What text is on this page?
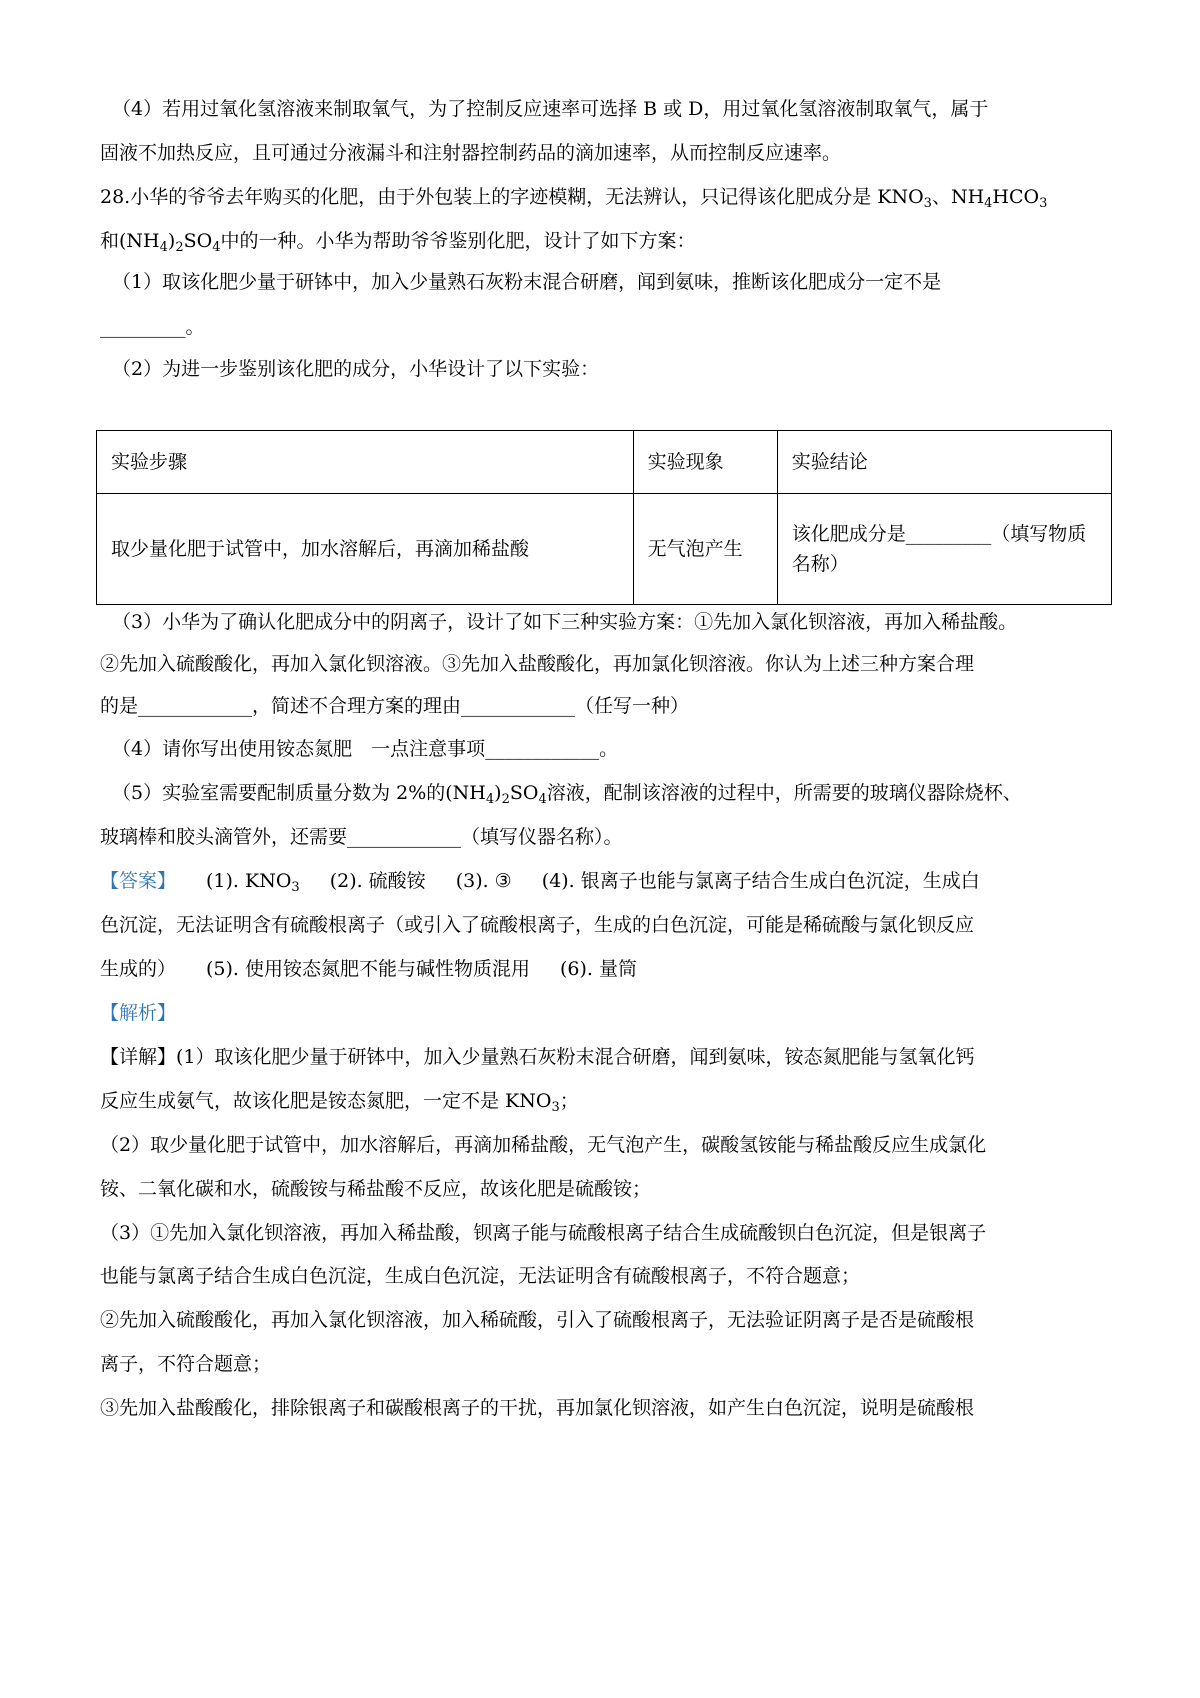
（4）若用过氧化氢溶液来制取氧气，为了控制反应速率可选择 B 或 D，用过氧化氢溶液制取氧气，属于
固液不加热反应，且可通过分液漏斗和注射器控制药品的滴加速率，从而控制反应速率。
28.小华的爷爷去年购买的化肥，由于外包装上的字迹模糊，无法辨认，只记得该化肥成分是 $KNO_3$、$NH_4HCO_3$
和$(NH_4)_2SO_4$中的一种。小华为帮助爷爷鉴别化肥，设计了如下方案：
（1）取该化肥少量于研钵中，加入少量熟石灰粉末混合研磨，闻到氨味，推断该化肥成分一定不是
_________。
（2）为进一步鉴别该化肥的成分，小华设计了以下实验：
实验步骤	实验现象	实验结论
取少量化肥于试管中，加水溶解后，再滴加稀盐酸	无气泡产生	该化肥成分是_________（填写物质名称）
（3）小华为了确认化肥成分中的阴离子，设计了如下三种实验方案：①先加入氯化钡溶液，再加入稀盐酸。
②先加入硫酸酸化，再加入氯化钡溶液。③先加入盐酸酸化，再加氯化钡溶液。你认为上述三种方案合理
的是____________，简述不合理方案的理由____________（任写一种）
（4）请你写出使用铵态氮肥　一点注意事项____________。
（5）实验室需要配制质量分数为 2%的$(NH_4)_2SO_4$溶液，配制该溶液的过程中，所需要的玻璃仪器除烧杯、
玻璃棒和胶头滴管外，还需要____________（填写仪器名称）。
【答案】 (1). $KNO_3$ (2). 硫酸铵 (3). ③ (4). 银离子也能与氯离子结合生成白色沉淀，生成白
色沉淀，无法证明含有硫酸根离子（或引入了硫酸根离子，生成的白色沉淀，可能是稀硫酸与氯化钡反应
生成的） (5). 使用铵态氮肥不能与碱性物质混用 (6). 量筒
【解析】
【详解】(1）取该化肥少量于研钵中，加入少量熟石灰粉末混合研磨，闻到氨味，铵态氮肥能与氢氧化钙
反应生成氨气，故该化肥是铵态氮肥，一定不是 $KNO_3$；
（2）取少量化肥于试管中，加水溶解后，再滴加稀盐酸，无气泡产生，碳酸氢铵能与稀盐酸反应生成氯化
铵、二氧化碳和水，硫酸铵与稀盐酸不反应，故该化肥是硫酸铵；
（3）①先加入氯化钡溶液，再加入稀盐酸，钡离子能与硫酸根离子结合生成硫酸钡白色沉淀，但是银离子
也能与氯离子结合生成白色沉淀，生成白色沉淀，无法证明含有硫酸根离子，不符合题意；
②先加入硫酸酸化，再加入氯化钡溶液，加入稀硫酸，引入了硫酸根离子，无法验证阴离子是否是硫酸根
离子，不符合题意；
③先加入盐酸酸化，排除银离子和碳酸根离子的干扰，再加氯化钡溶液，如产生白色沉淀，说明是硫酸根
